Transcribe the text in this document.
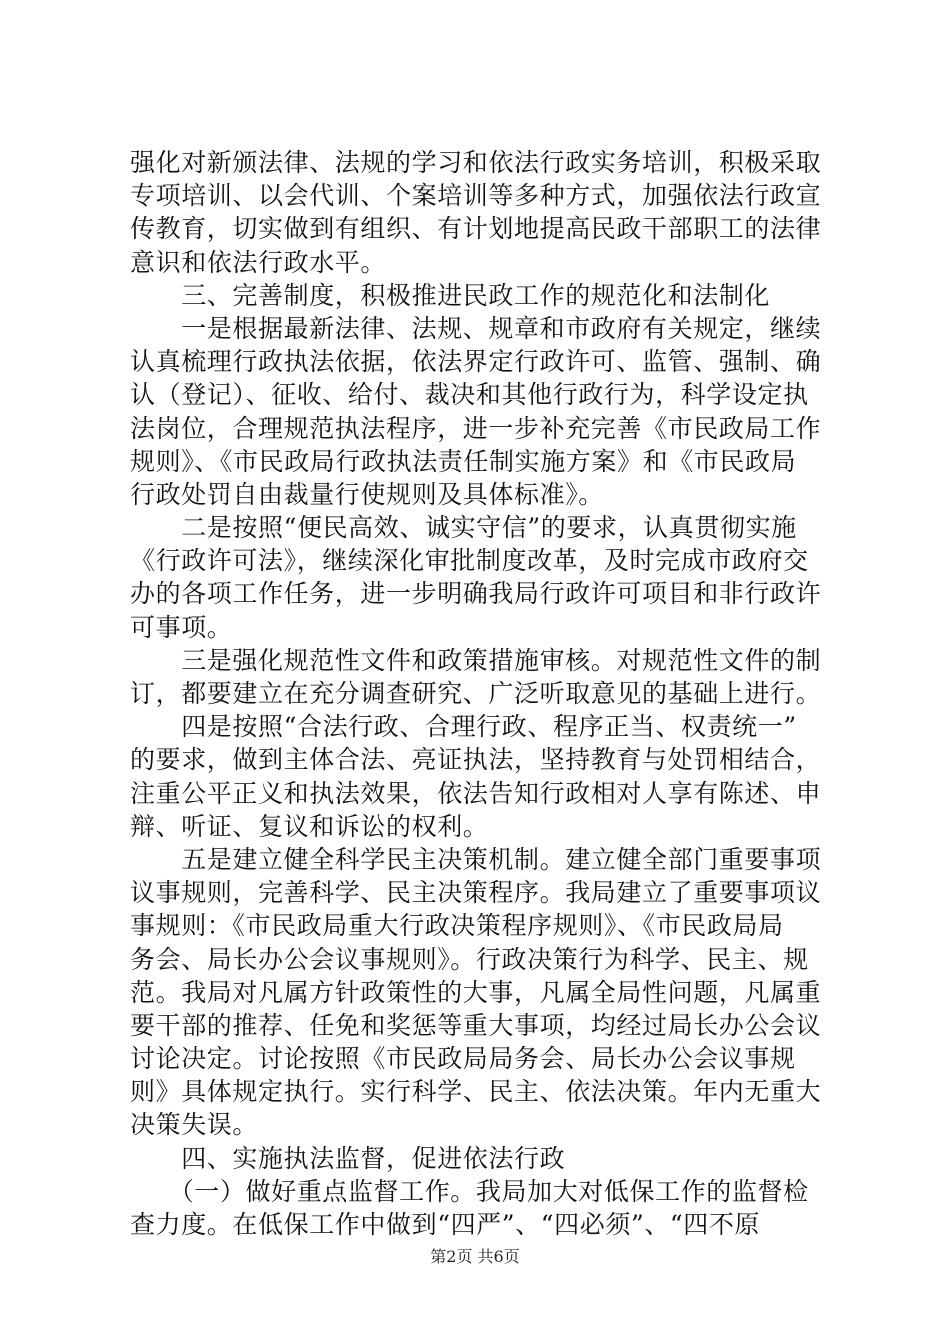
强化对新颁法律、法规的学习和依法行政实务培训，积极采取
专项培训、以会代训、个案培训等多种方式，加强依法行政宣
传教育，切实做到有组织、有计划地提高民政干部职工的法律
意识和依法行政水平。
　　三、完善制度，积极推进民政工作的规范化和法制化
　　一是根据最新法律、法规、规章和市政府有关规定，继续
认真梳理行政执法依据，依法界定行政许可、监管、强制、确
认（登记）、征收、给付、裁决和其他行政行为，科学设定执
法岗位，合理规范执法程序，进一步补充完善《市民政局工作
规则》、《市民政局行政执法责任制实施方案》和《市民政局
行政处罚自由裁量行使规则及具体标准》。
　　二是按照“便民高效、诚实守信”的要求，认真贯彻实施
《行政许可法》，继续深化审批制度改革，及时完成市政府交
办的各项工作任务，进一步明确我局行政许可项目和非行政许
可事项。
　　三是强化规范性文件和政策措施审核。对规范性文件的制
订，都要建立在充分调查研究、广泛听取意见的基础上进行。
　　四是按照“合法行政、合理行政、程序正当、权责统一”
的要求，做到主体合法、亮证执法，坚持教育与处罚相结合，
注重公平正义和执法效果，依法告知行政相对人享有陈述、申
辩、听证、复议和诉讼的权利。
　　五是建立健全科学民主决策机制。建立健全部门重要事项
议事规则，完善科学、民主决策程序。我局建立了重要事项议
事规则：《市民政局重大行政决策程序规则》、《市民政局局
务会、局长办公会议事规则》。行政决策行为科学、民主、规
范。我局对凡属方针政策性的大事，凡属全局性问题，凡属重
要干部的推荐、任免和奖惩等重大事项，均经过局长办公会议
讨论决定。讨论按照《市民政局局务会、局长办公会议事规
则》具体规定执行。实行科学、民主、依法决策。年内无重大
决策失误。
　　四、实施执法监督，促进依法行政
　　（一）做好重点监督工作。我局加大对低保工作的监督检
查力度。在低保工作中做到“四严”、“四必须”、“四不原
第2页 共6页
